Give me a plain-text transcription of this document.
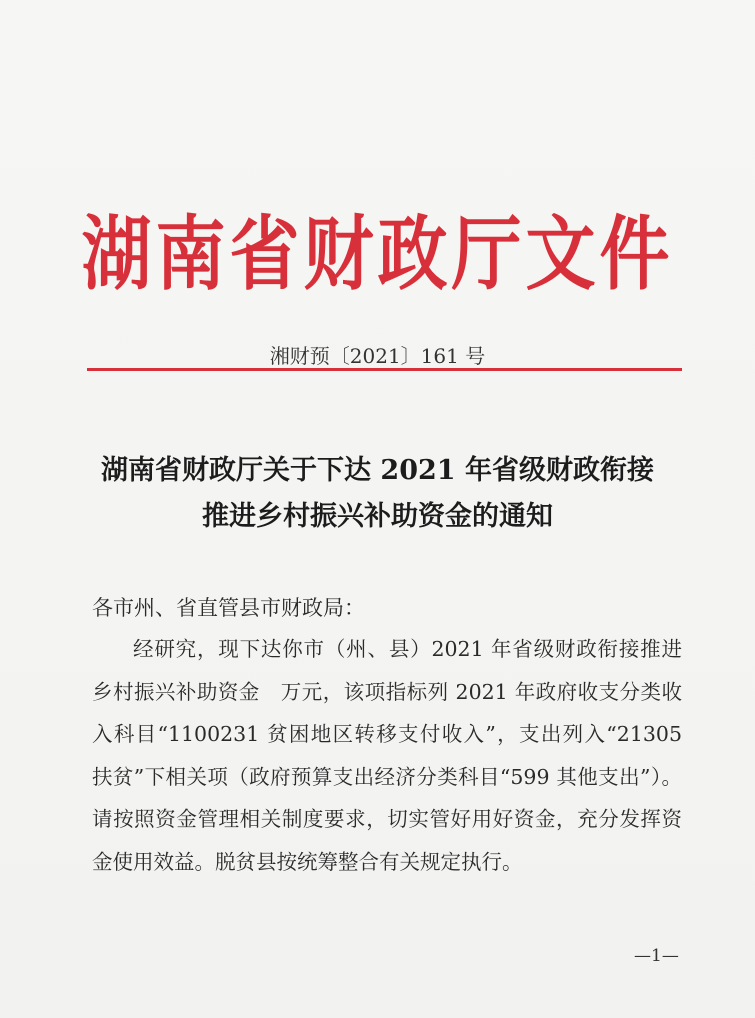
湖南省财政厅文件
湘财预〔2021〕161 号
湖南省财政厅关于下达 2021 年省级财政衔接
推进乡村振兴补助资金的通知
各市州、省直管县市财政局：
经研究，现下达你市（州、县）2021 年省级财政衔接推进乡村振兴补助资金　万元，该项指标列 2021 年政府收支分类收入科目“1100231 贫困地区转移支付收入”，支出列入“21305 扶贫”下相关项（政府预算支出经济分类科目“599 其他支出”）。请按照资金管理相关制度要求，切实管好用好资金，充分发挥资金使用效益。脱贫县按统筹整合有关规定执行。
—1—
